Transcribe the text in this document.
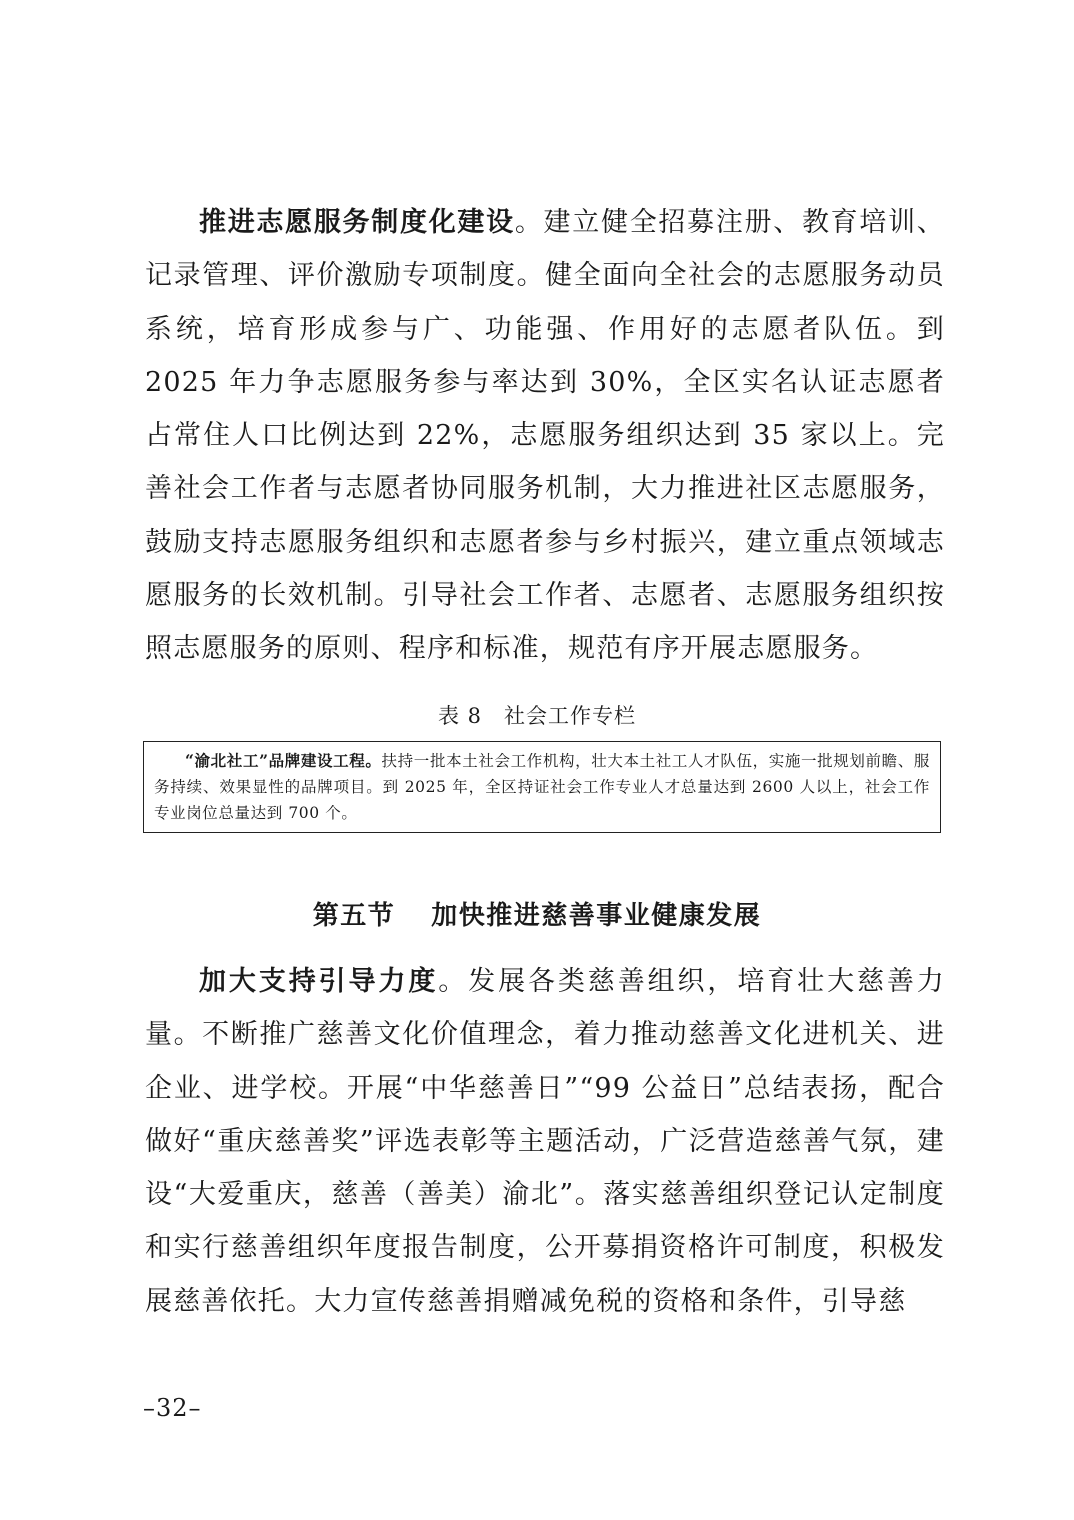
推进志愿服务制度化建设。建立健全招募注册、教育培训、记录管理、评价激励专项制度。健全面向全社会的志愿服务动员系统，培育形成参与广、功能强、作用好的志愿者队伍。到 2025 年力争志愿服务参与率达到 30%，全区实名认证志愿者占常住人口比例达到 22%，志愿服务组织达到 35 家以上。完善社会工作者与志愿者协同服务机制，大力推进社区志愿服务，鼓励支持志愿服务组织和志愿者参与乡村振兴，建立重点领域志愿服务的长效机制。引导社会工作者、志愿者、志愿服务组织按照志愿服务的原则、程序和标准，规范有序开展志愿服务。

表 8 社会工作专栏
“渝北社工”品牌建设工程。扶持一批本土社会工作机构，壮大本土社工人才队伍，实施一批规划前瞻、服务持续、效果显性的品牌项目。到 2025 年，全区持证社会工作专业人才总量达到 2600 人以上，社会工作专业岗位总量达到 700 个。
第五节 加快推进慈善事业健康发展

加大支持引导力度。发展各类慈善组织，培育壮大慈善力量。不断推广慈善文化价值理念，着力推动慈善文化进机关、进企业、进学校。开展“中华慈善日”“99 公益日”总结表扬，配合做好“重庆慈善奖”评选表彰等主题活动，广泛营造慈善气氛，建设“大爱重庆，慈善（善美）渝北”。落实慈善组织登记认定制度和实行慈善组织年度报告制度，公开募捐资格许可制度，积极发展慈善依托。大力宣传慈善捐赠减免税的资格和条件，引导慈

–32–
